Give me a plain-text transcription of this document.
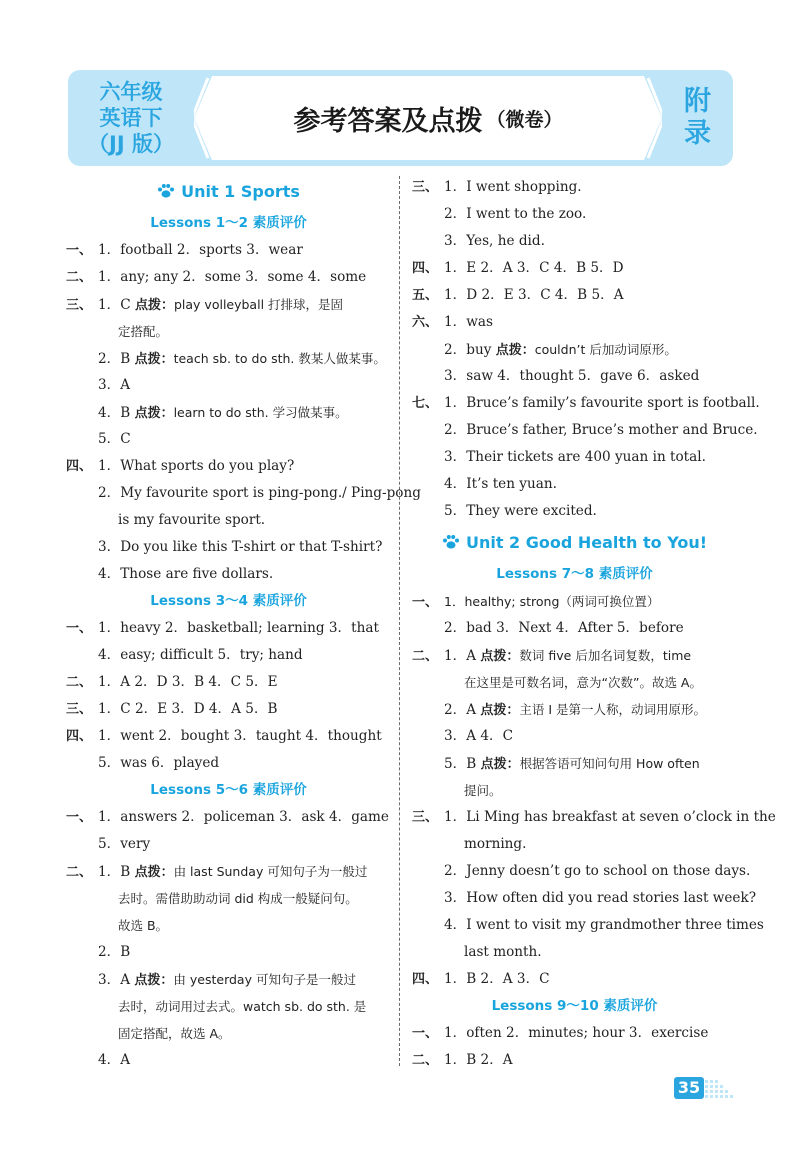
六年级
英语下
（JJ 版）
参考答案及点拨 （微卷）
附
录
Unit 1 Sports
Lessons 1～2 素质评价
一、 1．football 2．sports 3．wear
二、 1．any; any 2．some 3．some 4．some
三、 1．C 点拨：play volleyball 打排球，是固
定搭配。
2．B 点拨：teach sb. to do sth. 教某人做某事。
3．A
4．B 点拨：learn to do sth. 学习做某事。
5．C
四、 1．What sports do you play?
2．My favourite sport is ping-pong./ Ping-pong
is my favourite sport.
3．Do you like this T-shirt or that T-shirt?
4．Those are five dollars.
Lessons 3～4 素质评价
一、 1．heavy 2．basketball; learning 3．that
4．easy; difficult 5．try; hand
二、 1．A 2．D 3．B 4．C 5．E
三、 1．C 2．E 3．D 4．A 5．B
四、 1．went 2．bought 3．taught 4．thought
5．was 6．played
Lessons 5～6 素质评价
一、 1．answers 2．policeman 3．ask 4．game
5．very
二、 1．B 点拨：由 last Sunday 可知句子为一般过
去时。需借助助动词 did 构成一般疑问句。
故选 B。
2．B
3．A 点拨：由 yesterday 可知句子是一般过
去时，动词用过去式。watch sb. do sth. 是
固定搭配，故选 A。
4．A
三、 1．I went shopping.
2．I went to the zoo.
3．Yes, he did.
四、 1．E 2．A 3．C 4．B 5．D
五、 1．D 2．E 3．C 4．B 5．A
六、 1．was
2．buy 点拨：couldn’t 后加动词原形。
3．saw 4．thought 5．gave 6．asked
七、 1．Bruce’s family’s favourite sport is football.
2．Bruce’s father, Bruce’s mother and Bruce.
3．Their tickets are 400 yuan in total.
4．It’s ten yuan.
5．They were excited.
Unit 2 Good Health to You!
Lessons 7～8 素质评价
一、 1．healthy; strong（两词可换位置）
2．bad 3．Next 4．After 5．before
二、 1．A 点拨：数词 five 后加名词复数，time
在这里是可数名词，意为“次数”。故选 A。
2．A 点拨：主语 I 是第一人称，动词用原形。
3．A 4．C
5．B 点拨：根据答语可知问句用 How often
提问。
三、 1．Li Ming has breakfast at seven o’clock in the
morning.
2．Jenny doesn’t go to school on those days.
3．How often did you read stories last week?
4．I went to visit my grandmother three times
last month.
四、 1．B 2．A 3．C
Lessons 9～10 素质评价
一、 1．often 2．minutes; hour 3．exercise
二、 1．B 2．A
35
